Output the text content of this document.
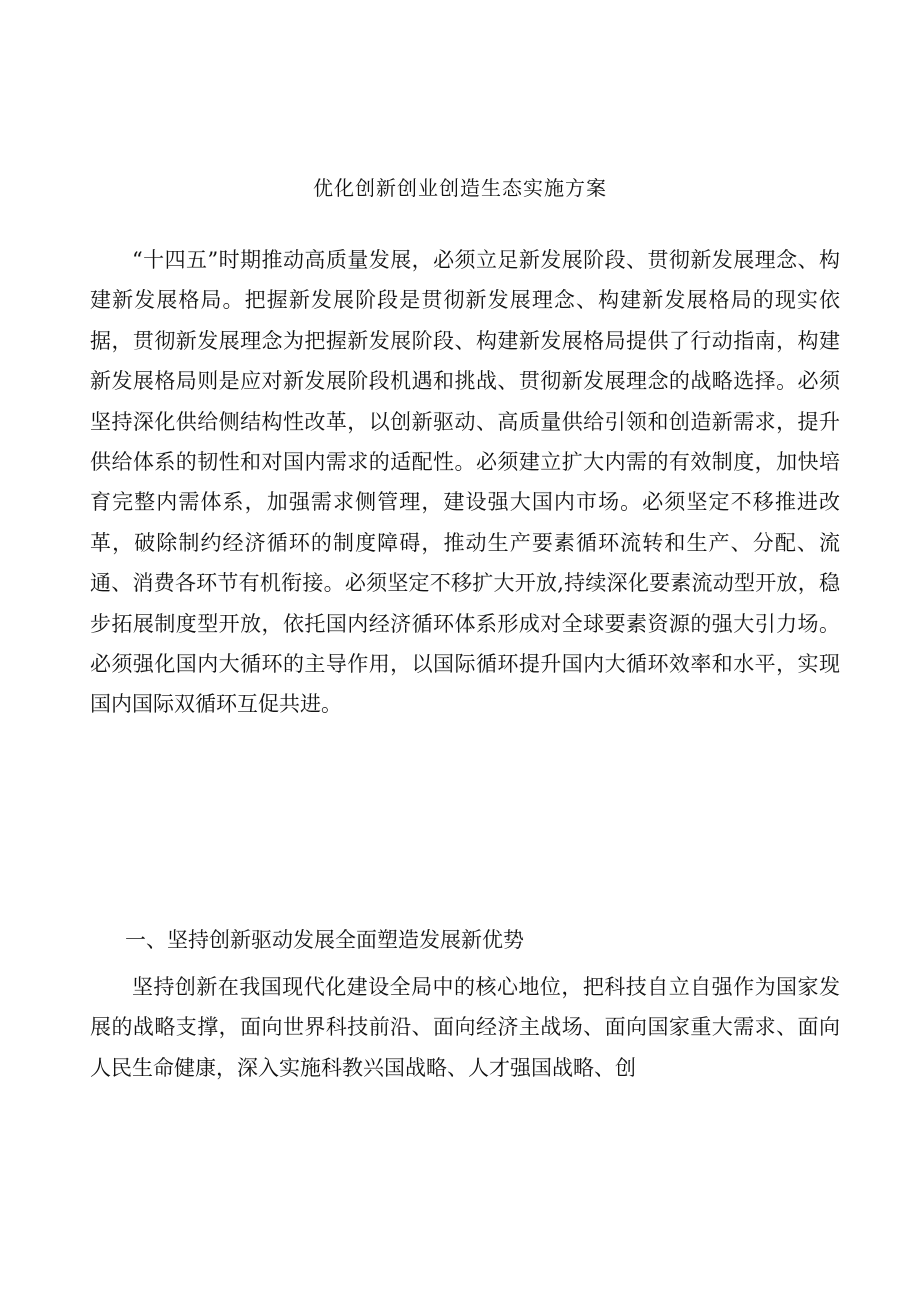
优化创新创业创造生态实施方案

“十四五”时期推动高质量发展，必须立足新发展阶段、贯彻新发展理念、构建新发展格局。把握新发展阶段是贯彻新发展理念、构建新发展格局的现实依据，贯彻新发展理念为把握新发展阶段、构建新发展格局提供了行动指南，构建新发展格局则是应对新发展阶段机遇和挑战、贯彻新发展理念的战略选择。必须坚持深化供给侧结构性改革，以创新驱动、高质量供给引领和创造新需求，提升供给体系的韧性和对国内需求的适配性。必须建立扩大内需的有效制度，加快培育完整内需体系，加强需求侧管理，建设强大国内市场。必须坚定不移推进改革，破除制约经济循环的制度障碍，推动生产要素循环流转和生产、分配、流通、消费各环节有机衔接。必须坚定不移扩大开放,持续深化要素流动型开放，稳步拓展制度型开放，依托国内经济循环体系形成对全球要素资源的强大引力场。必须强化国内大循环的主导作用，以国际循环提升国内大循环效率和水平，实现国内国际双循环互促共进。

一、坚持创新驱动发展全面塑造发展新优势

坚持创新在我国现代化建设全局中的核心地位，把科技自立自强作为国家发展的战略支撑，面向世界科技前沿、面向经济主战场、面向国家重大需求、面向人民生命健康，深入实施科教兴国战略、人才强国战略、创
